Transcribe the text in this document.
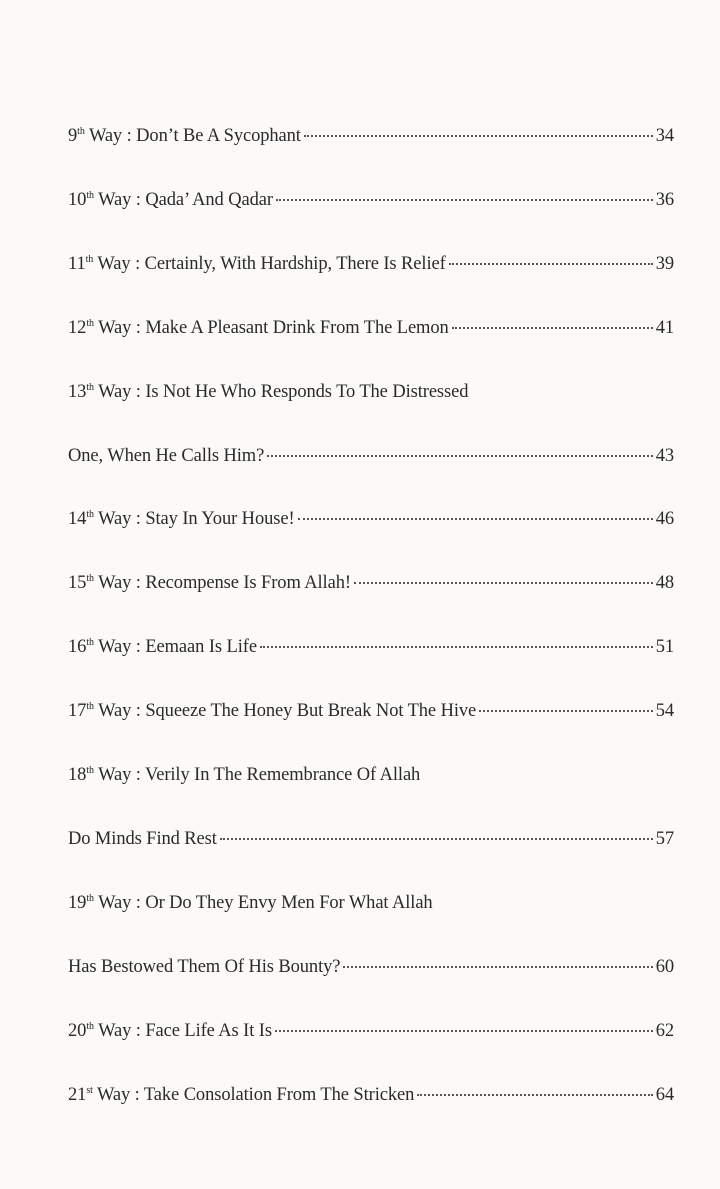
9th Way : Don’t Be A Sycophant	34
10th Way : Qada’ And Qadar	36
11th Way : Certainly, With Hardship, There Is Relief	39
12th Way : Make A Pleasant Drink From The Lemon	41
13th Way : Is Not He Who Responds To The Distressed
One, When He Calls Him?	43
14th Way : Stay In Your House!	46
15th Way : Recompense Is From Allah!	48
16th Way : Eemaan Is Life	51
17th Way : Squeeze The Honey But Break Not The Hive	54
18th Way : Verily In The Remembrance Of Allah
Do Minds Find Rest	57
19th Way : Or Do They Envy Men For What Allah
Has Bestowed Them Of His Bounty?	60
20th Way : Face Life As It Is	62
21st Way : Take Consolation From The Stricken	64
